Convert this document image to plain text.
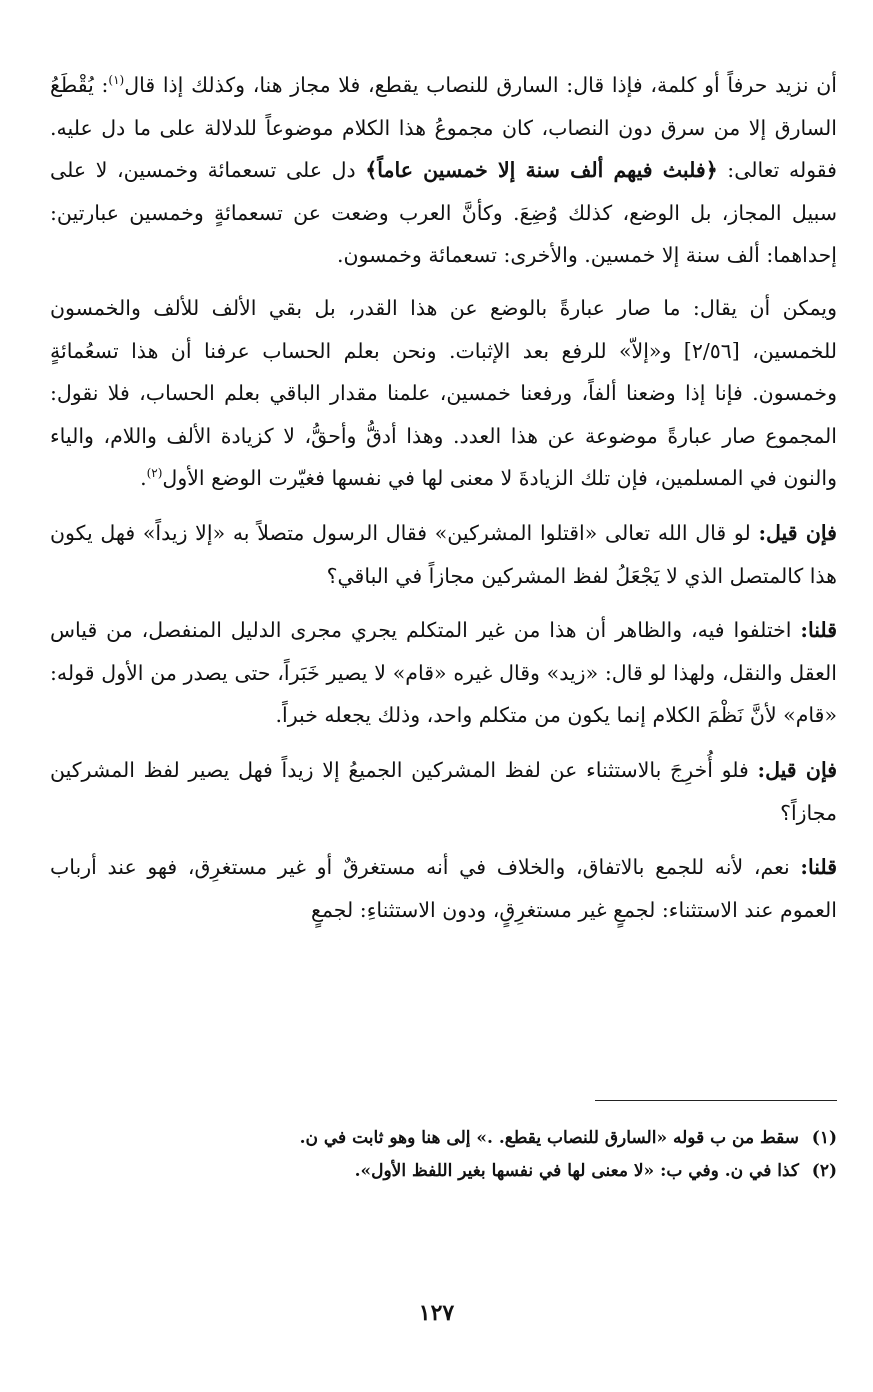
أن نزيد حرفاً أو كلمة، فإذا قال: السارق للنصاب يقطع، فلا مجاز هنا، وكذلك إذا قال$^{(١)}$: يُقْطَعُ السارق إلا من سرق دون النصاب، كان مجموعُ هذا الكلام موضوعاً للدلالة على ما دل عليه. فقوله تعالى: ﴿فلبث فيهم ألف سنة إلا خمسين عاماً﴾ دل على تسعمائة وخمسين، لا على سبيل المجاز، بل الوضع، كذلك وُضِعَ. وكأنَّ العرب وضعت عن تسعمائةٍ وخمسين عبارتين: إحداهما: ألف سنة إلا خمسين. والأخرى: تسعمائة وخمسون.

ويمكن أن يقال: ما صار عبارةً بالوضع عن هذا القدر، بل بقي الألف للألف والخمسون للخمسين، [٢/٥٦] و«إلاّ» للرفع بعد الإثبات. ونحن بعلم الحساب عرفنا أن هذا تسعُمائةٍ وخمسون. فإنا إذا وضعنا ألفاً، ورفعنا خمسين، علمنا مقدار الباقي بعلم الحساب، فلا نقول: المجموع صار عبارةً موضوعة عن هذا العدد. وهذا أدقُّ وأحقُّ، لا كزيادة الألف واللام، والياء والنون في المسلمين، فإن تلك الزيادةَ لا معنى لها في نفسها فغيّرت الوضع الأول$^{(٢)}$.

فإن قيل: لو قال الله تعالى «اقتلوا المشركين» فقال الرسول متصلاً به «إلا زيداً» فهل يكون هذا كالمتصل الذي لا يَجْعَلُ لفظ المشركين مجازاً في الباقي؟

قلنا: اختلفوا فيه، والظاهر أن هذا من غير المتكلم يجري مجرى الدليل المنفصل، من قياس العقل والنقل، ولهذا لو قال: «زيد» وقال غيره «قام» لا يصير خَبَراً، حتى يصدر من الأول قوله: «قام» لأنَّ نَظْمَ الكلام إنما يكون من متكلم واحد، وذلك يجعله خبراً.

فإن قيل: فلو أُخرِجَ بالاستثناء عن لفظ المشركين الجميعُ إلا زيداً فهل يصير لفظ المشركين مجازاً؟

قلنا: نعم، لأنه للجمع بالاتفاق، والخلاف في أنه مستغرقٌ أو غير مستغرِق، فهو عند أرباب العموم عند الاستثناء: لجمعٍ غير مستغرِقٍ، ودون الاستثناءِ: لجمعٍ

(١)
سقط من ب قوله «السارق للنصاب يقطع. .» إلى هنا وهو ثابت في ن.
(٢)
كذا في ن. وفي ب: «لا معنى لها في نفسها بغير اللفظ الأول».
١٢٧
